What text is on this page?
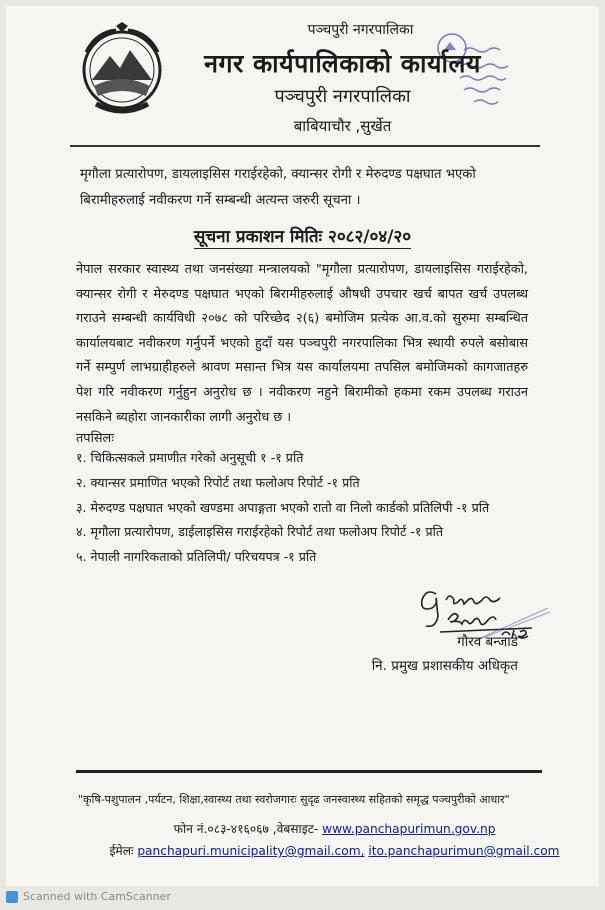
पञ्चपुरी नगरपालिका
नगर कार्यपालिकाको कार्यालय
पञ्चपुरी नगरपालिका
बाबियाचौर ,सुर्खेत
मृगौला प्रत्यारोपण, डायलाइसिस गराईरहेको, क्यान्सर रोगी र मेरुदण्ड पक्षघात भएको बिरामीहरुलाई नवीकरण गर्ने सम्बन्धी अत्यन्त जरुरी सूचना ।
सूचना प्रकाशन मितिः २०८२/०४/२०
नेपाल सरकार स्वास्थ्य तथा जनसंख्या मन्त्रालयको "मृगौला प्रत्यारोपण, डायलाइसिस गराईरहेको, क्यान्सर रोगी र मेरुदण्ड पक्षघात भएको बिरामीहरुलाई औषधी उपचार खर्च बापत खर्च उपलब्ध गराउने सम्बन्धी कार्यविधी २०७८ को परिच्छेद २(६) बमोजिम प्रत्येक आ.व.को सुरुमा सम्बन्धित कार्यालयबाट नवीकरण गर्नुपर्ने भएको हुदाँ यस पञ्चपुरी नगरपालिका भित्र स्थायी रुपले बसोबास गर्ने सम्पुर्ण लाभग्राहीहरुले श्रावण मसान्त भित्र यस कार्यालयमा तपसिल बमोजिमको कागजातहरु पेश गरि नवीकरण गर्नुहुन अनुरोध छ । नवीकरण नहुने बिरामीको हकमा रकम उपलब्ध गराउन नसकिने ब्यहोरा जानकारीका लागी अनुरोध छ ।
तपसिलः
१. चिकित्सकले प्रमाणीत गरेको अनुसूची १ -१ प्रति
२. क्यान्सर प्रमाणित भएको रिपोर्ट तथा फलोअप रिपोर्ट -१ प्रति
३. मेरुदण्ड पक्षघात भएको खण्डमा अपाङ्गता भएको रातो वा निलो कार्डको प्रतिलिपी -१ प्रति
४. मृगौला प्रत्यारोपण, डाईलाइसिस गराईरहेको रिपोर्ट तथा फलोअप रिपोर्ट -१ प्रति
५. नेपाली नागरिकताको प्रतिलिपी/ परिचयपत्र -१ प्रति
गौरव बन्जाडे
नि. प्रमुख प्रशासकीय अधिकृत
"कृषि-पशुपालन ,पर्यटन, शिक्षा,स्वास्थ्य तथा स्वरोजगारः सुदृढ जनस्वास्थ्य सहितको समृद्ध पञ्चपुरीको आधार"
फोन नं.०८३-४१६०६७ ,वेबसाइट- www.panchapurimun.gov.np
ईमेलः panchapuri.municipality@gmail.com, ito.panchapurimun@gmail.com
Scanned with CamScanner
